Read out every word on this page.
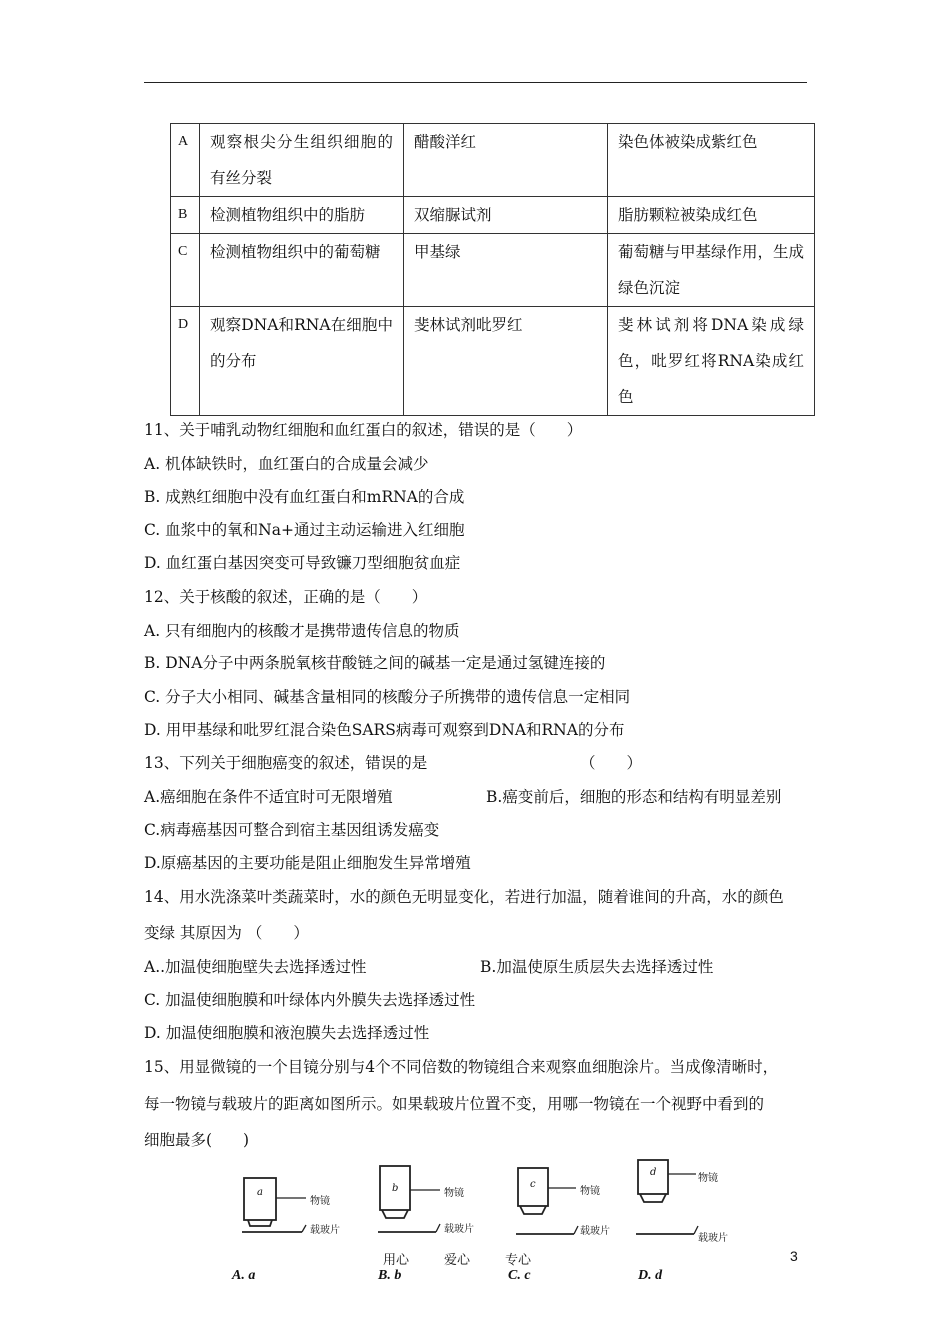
A	观察根尖分生组织细胞的有丝分裂	醋酸洋红	染色体被染成紫红色
B	检测植物组织中的脂肪	双缩脲试剂	脂肪颗粒被染成红色
C	检测植物组织中的葡萄糖	甲基绿	葡萄糖与甲基绿作用，生成绿色沉淀
D	观察DNA和RNA在细胞中的分布	斐林试剂吡罗红	斐林试剂将DNA染成绿色，吡罗红将RNA染成红色
11、关于哺乳动物红细胞和血红蛋白的叙述，错误的是（　　）
A. 机体缺铁时，血红蛋白的合成量会减少
B. 成熟红细胞中没有血红蛋白和mRNA的合成
C. 血浆中的氧和Na+通过主动运输进入红细胞
D. 血红蛋白基因突变可导致镰刀型细胞贫血症
12、关于核酸的叙述，正确的是（　　）
A. 只有细胞内的核酸才是携带遗传信息的物质
B. DNA分子中两条脱氧核苷酸链之间的碱基一定是通过氢键连接的
C. 分子大小相同、碱基含量相同的核酸分子所携带的遗传信息一定相同
D. 用甲基绿和吡罗红混合染色SARS病毒可观察到DNA和RNA的分布
13、下列关于细胞癌变的叙述，错误的是	（　　）
A.癌细胞在条件不适宜时可无限增殖	B.癌变前后，细胞的形态和结构有明显差别
C.病毒癌基因可整合到宿主基因组诱发癌变
D.原癌基因的主要功能是阻止细胞发生异常增殖
14、用水洗涤菜叶类蔬菜时，水的颜色无明显变化，若进行加温，随着谁间的升高，水的颜色
变绿 其原因为 （　　）
A..加温使细胞壁失去选择透过性	B.加温使原生质层失去选择透过性
C. 加温使细胞膜和叶绿体内外膜失去选择透过性
D. 加温使细胞膜和液泡膜失去选择透过性
15、用显微镜的一个目镜分别与4个不同倍数的物镜组合来观察血细胞涂片。当成像清晰时，
每一物镜与载玻片的距离如图所示。如果载玻片位置不变，用哪一物镜在一个视野中看到的
细胞最多(　　)
a
物镜
载玻片
b	物镜
载玻片
c
物镜
载玻片
d
物镜
载玻片
用心	爱心	专心	3
A. a	B. b	C. c	D. d
